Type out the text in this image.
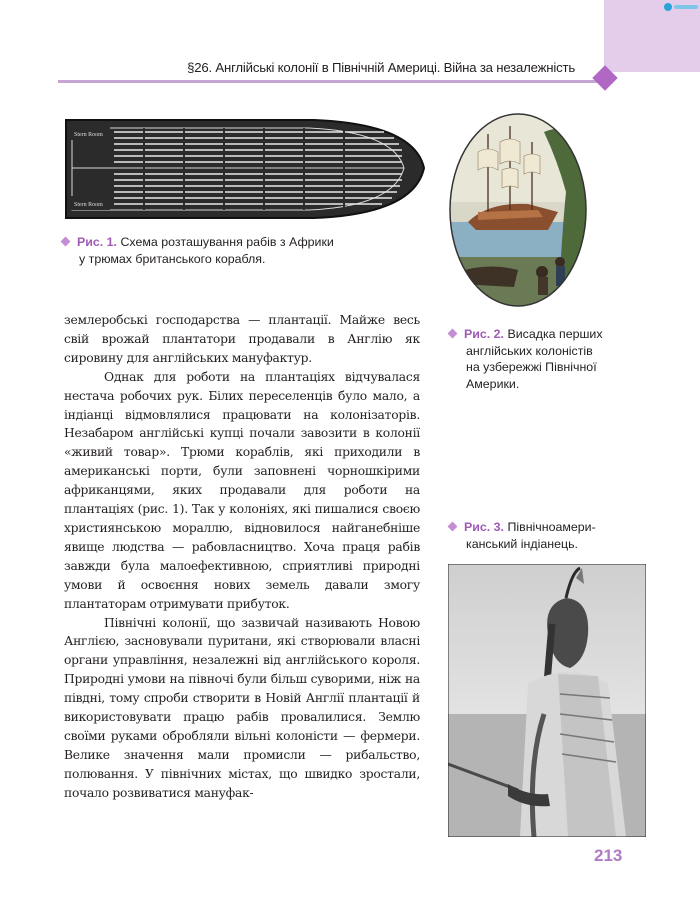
§26. Англійські колонії в Північній Америці. Війна за незалежність
Stern Room
Stern Room
Рис. 1. Схема розташування рабів з Африки
у трюмах британського корабля.
Рис. 2. Висадка перших
англійських колоністів
на узбережжі Північної
Америки.
Рис. 3. Північноамери-
канський індіанець.

землеробські господарства — плантації. Майже весь свій врожай плантатори продавали в Англію як сировину для англійських мануфактур.

Однак для роботи на плантаціях відчувалася нестача робочих рук. Білих переселенців було мало, а індіанці відмовлялися працювати на колонізаторів. Незабаром англійські купці почали завозити в колонії «живий товар». Трюми кораблів, які приходили в американські порти, були заповнені чорношкірими африканцями, яких продавали для роботи на плантаціях (рис. 1). Так у колоніях, які пишалися своєю християнською мораллю, відновилося найганебніше явище людства — рабовласництво. Хоча праця рабів завжди була малоефективною, сприятливі природні умови й освоєння нових земель давали змогу плантаторам отримувати прибуток.

Північні колонії, що зазвичай називають Новою Англією, засновували пуритани, які створювали власні органи управління, незалежні від англійського короля. Природні умови на півночі були більш суворими, ніж на півдні, тому спроби створити в Новій Англії плантації й використовувати працю рабів провалилися. Землю своїми руками обробляли вільні колоністи — фермери. Велике значення мали промисли — рибальство, полювання. У північних містах, що швидко зростали, почало розвиватися мануфак-

213
